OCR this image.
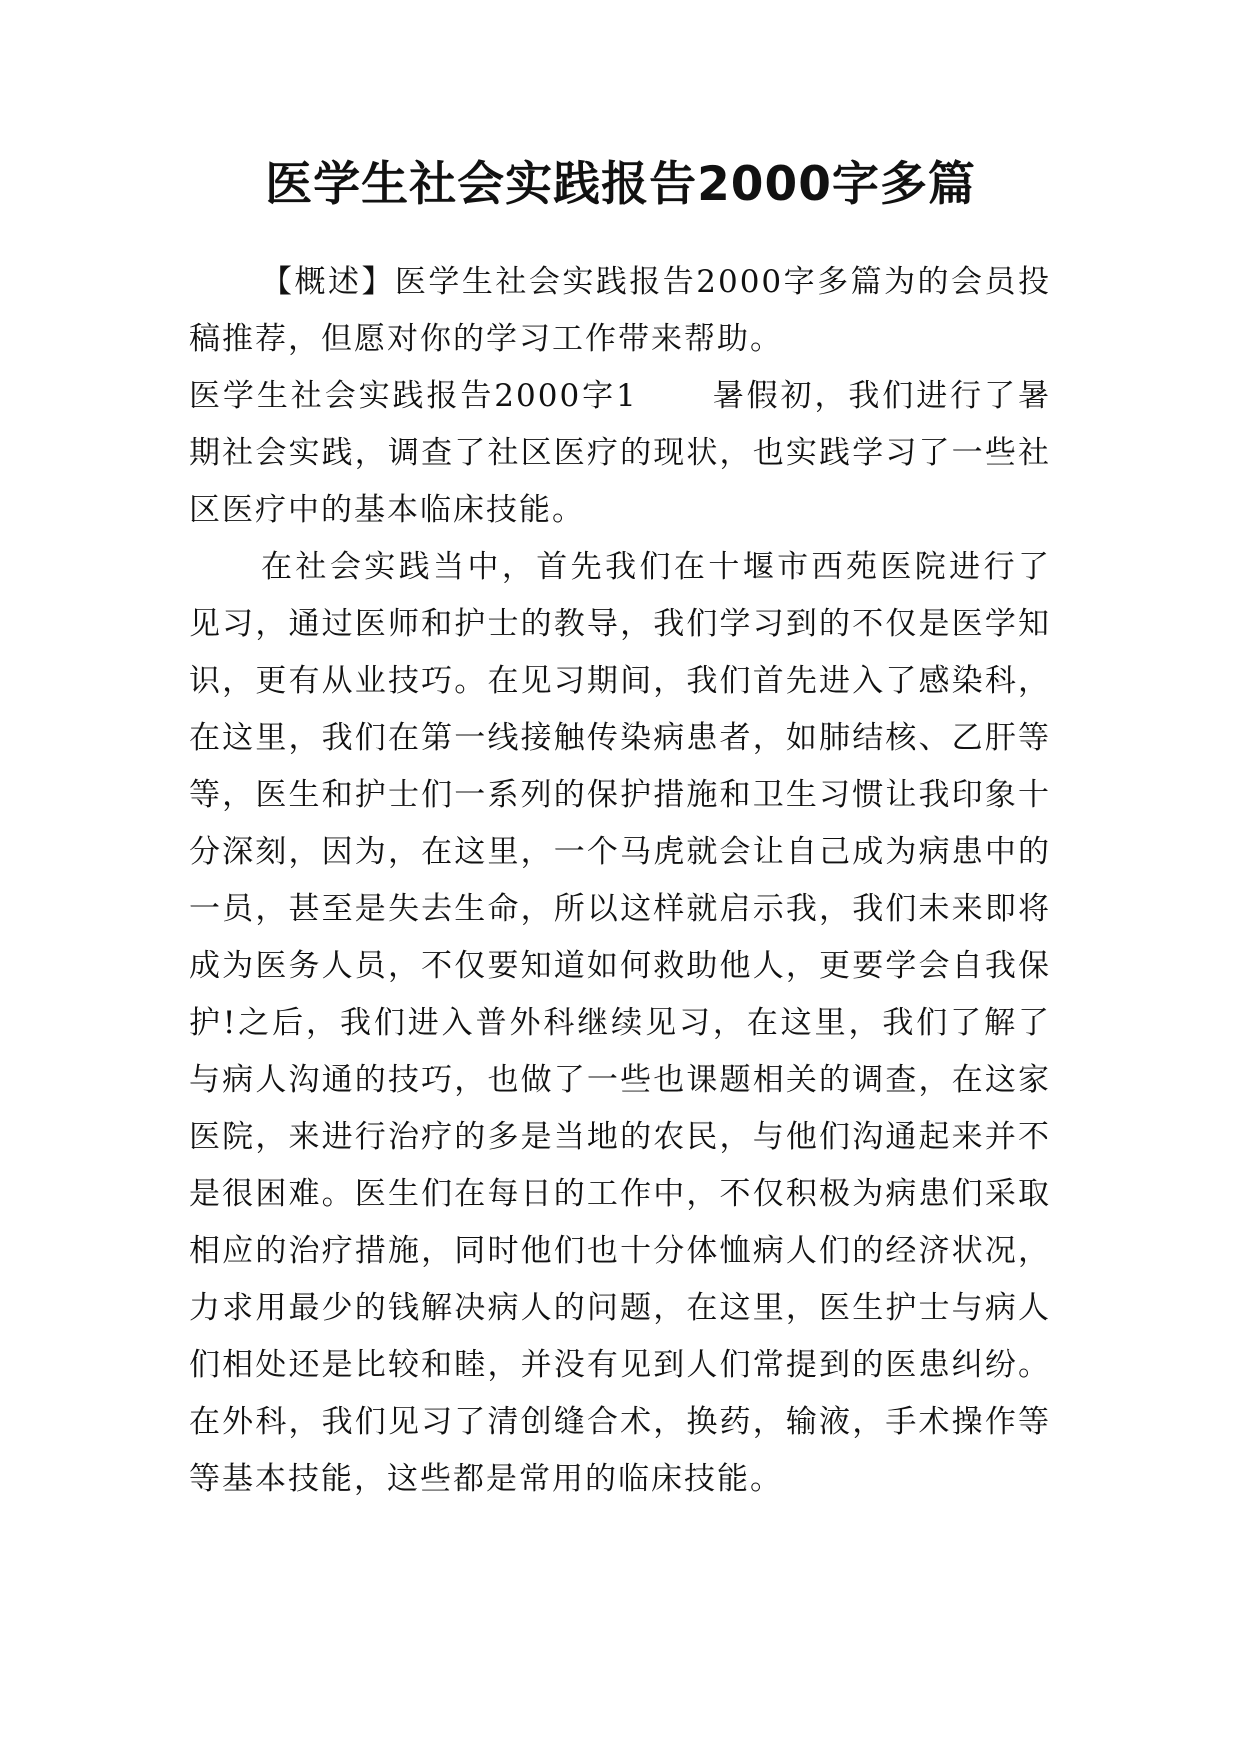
医学生社会实践报告2000字多篇
【概述】医学生社会实践报告2000字多篇为的会员投
稿推荐，但愿对你的学习工作带来帮助。
医学生社会实践报告2000字1 暑假初，我们进行了暑
期社会实践，调查了社区医疗的现状，也实践学习了一些社
区医疗中的基本临床技能。
在社会实践当中，首先我们在十堰市西苑医院进行了
见习，通过医师和护士的教导，我们学习到的不仅是医学知
识，更有从业技巧。在见习期间，我们首先进入了感染科，
在这里，我们在第一线接触传染病患者，如肺结核、乙肝等
等，医生和护士们一系列的保护措施和卫生习惯让我印象十
分深刻，因为，在这里，一个马虎就会让自己成为病患中的
一员，甚至是失去生命，所以这样就启示我，我们未来即将
成为医务人员，不仅要知道如何救助他人，更要学会自我保
护!之后，我们进入普外科继续见习，在这里，我们了解了
与病人沟通的技巧，也做了一些也课题相关的调查，在这家
医院，来进行治疗的多是当地的农民，与他们沟通起来并不
是很困难。医生们在每日的工作中，不仅积极为病患们采取
相应的治疗措施，同时他们也十分体恤病人们的经济状况，
力求用最少的钱解决病人的问题，在这里，医生护士与病人
们相处还是比较和睦，并没有见到人们常提到的医患纠纷。
在外科，我们见习了清创缝合术，换药，输液，手术操作等
等基本技能，这些都是常用的临床技能。
